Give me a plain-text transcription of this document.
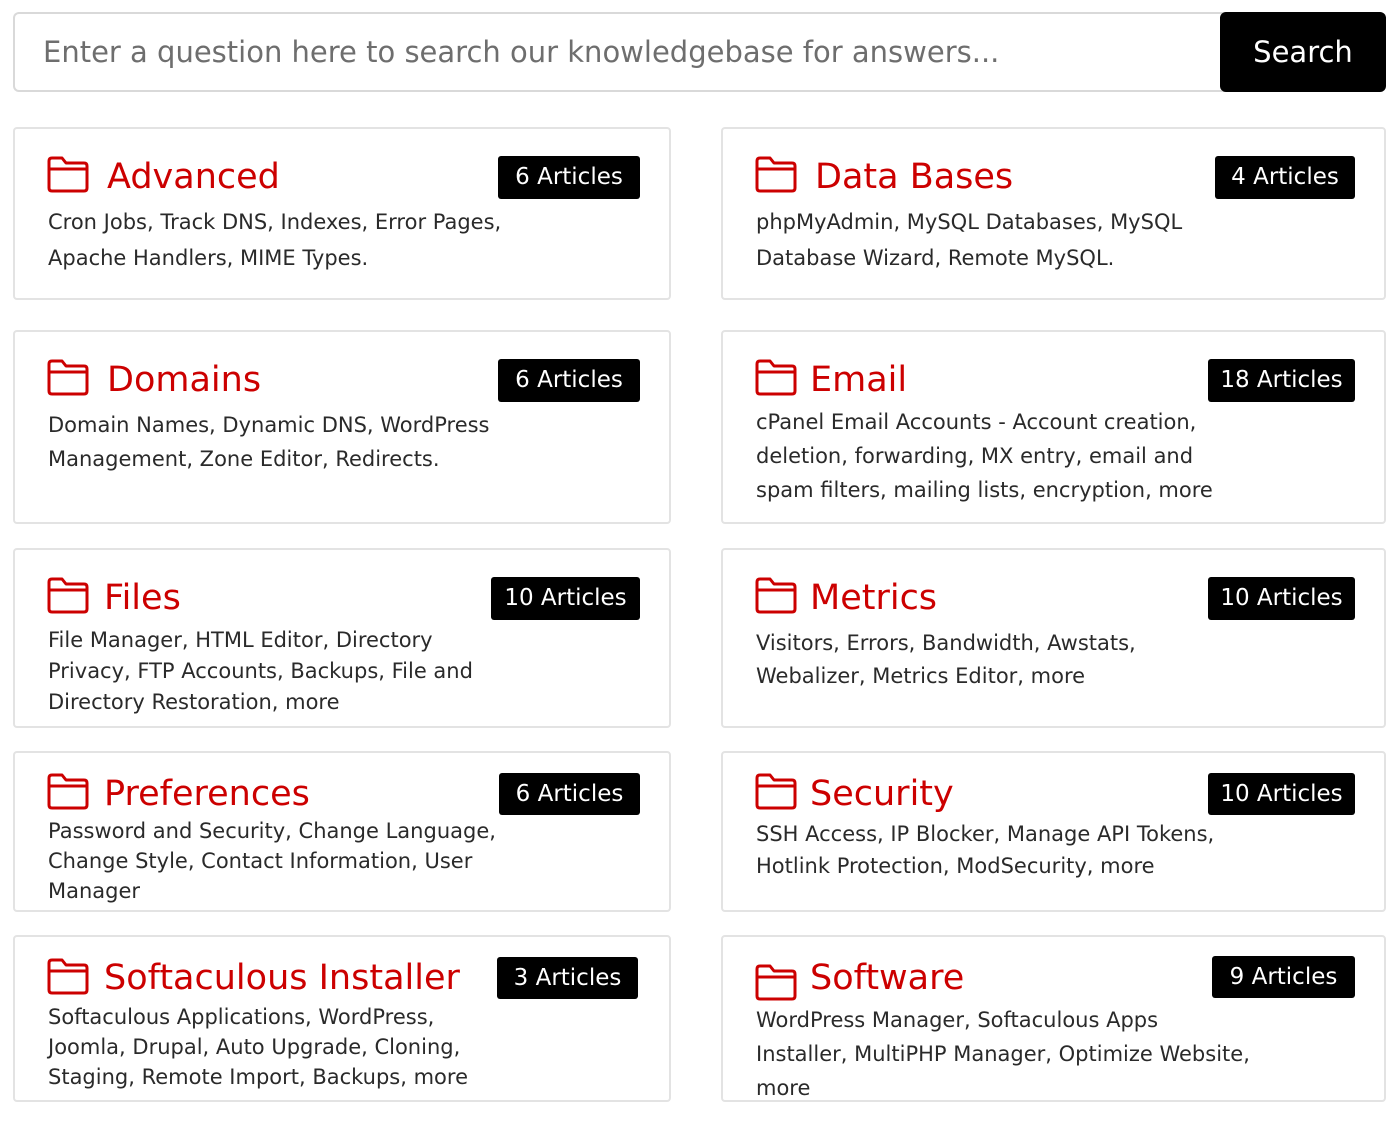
Enter a question here to search our knowledgebase for answers...
Search
Advanced	6 Articles

Cron Jobs, Track DNS, Indexes, Error Pages, Apache Handlers, MIME Types.

Data Bases	4 Articles

phpMyAdmin, MySQL Databases, MySQL Database Wizard, Remote MySQL.

Domains	6 Articles

Domain Names, Dynamic DNS, WordPress Management, Zone Editor, Redirects.

Email	18 Articles

cPanel Email Accounts - Account creation, deletion, forwarding, MX entry, email and spam filters, mailing lists, encryption, more

Files	10 Articles

File Manager, HTML Editor, Directory Privacy, FTP Accounts, Backups, File and Directory Restoration, more

Metrics	10 Articles

Visitors, Errors, Bandwidth, Awstats, Webalizer, Metrics Editor, more

Preferences	6 Articles

Password and Security, Change Language, Change Style, Contact Information, User Manager

Security	10 Articles

SSH Access, IP Blocker, Manage API Tokens, Hotlink Protection, ModSecurity, more

Softaculous Installer	3 Articles

Softaculous Applications, WordPress, Joomla, Drupal, Auto Upgrade, Cloning, Staging, Remote Import, Backups, more

Software	9 Articles

WordPress Manager, Softaculous Apps Installer, MultiPHP Manager, Optimize Website, more
